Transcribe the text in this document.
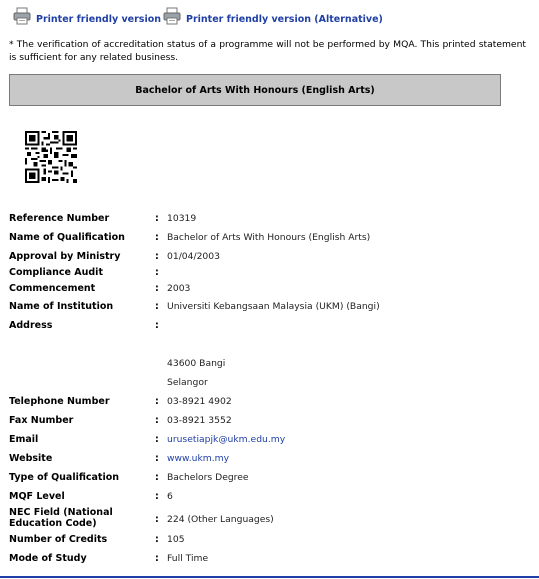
Printer friendly version	Printer friendly version (Alternative)
* The verification of accreditation status of a programme will not be performed by MQA. This printed statement is sufficient for any related business.
Bachelor of Arts With Honours (English Arts)
Reference Number	: 10319
Name of Qualification	: Bachelor of Arts With Honours (English Arts)
Approval by Ministry	: 01/04/2003
Compliance Audit	:
Commencement	: 2003
Name of Institution	: Universiti Kebangsaan Malaysia (UKM) (Bangi)
Address	:
43600 Bangi
Selangor
Telephone Number	: 03-8921 4902
Fax Number	: 03-8921 3552
Email	: urusetiapjk@ukm.edu.my
Website	: www.ukm.my
Type of Qualification	: Bachelors Degree
MQF Level	: 6
NEC Field (National Education Code)	: 224 (Other Languages)
Number of Credits	: 105
Mode of Study	: Full Time
